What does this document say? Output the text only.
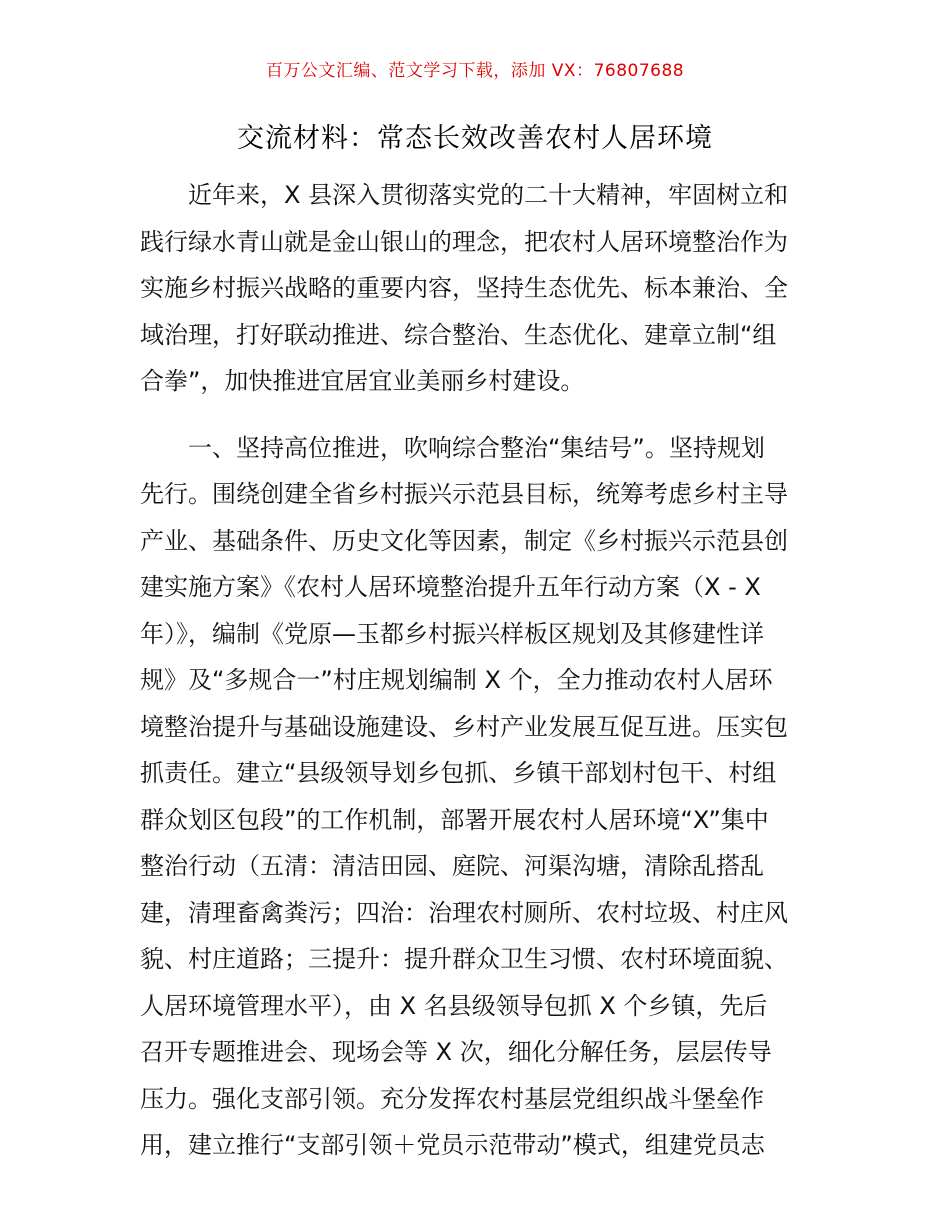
百万公文汇编、范文学习下载，添加 VX：76807688
交流材料：常态长效改善农村人居环境
近年来，X 县深入贯彻落实党的二十大精神，牢固树立和
践行绿水青山就是金山银山的理念，把农村人居环境整治作为
实施乡村振兴战略的重要内容，坚持生态优先、标本兼治、全
域治理，打好联动推进、综合整治、生态优化、建章立制“组
合拳”，加快推进宜居宜业美丽乡村建设。
一、坚持高位推进，吹响综合整治“集结号”。坚持规划
先行。围绕创建全省乡村振兴示范县目标，统筹考虑乡村主导
产业、基础条件、历史文化等因素，制定《乡村振兴示范县创
建实施方案》《农村人居环境整治提升五年行动方案（X - X
年）》，编制《党原—玉都乡村振兴样板区规划及其修建性详
规》及“多规合一”村庄规划编制 X 个，全力推动农村人居环
境整治提升与基础设施建设、乡村产业发展互促互进。压实包
抓责任。建立“县级领导划乡包抓、乡镇干部划村包干、村组
群众划区包段”的工作机制，部署开展农村人居环境“X”集中
整治行动（五清：清洁田园、庭院、河渠沟塘，清除乱搭乱
建，清理畜禽粪污；四治：治理农村厕所、农村垃圾、村庄风
貌、村庄道路；三提升：提升群众卫生习惯、农村环境面貌、
人居环境管理水平），由 X 名县级领导包抓 X 个乡镇，先后
召开专题推进会、现场会等 X 次，细化分解任务，层层传导
压力。强化支部引领。充分发挥农村基层党组织战斗堡垒作
用，建立推行“支部引领＋党员示范带动”模式，组建党员志
